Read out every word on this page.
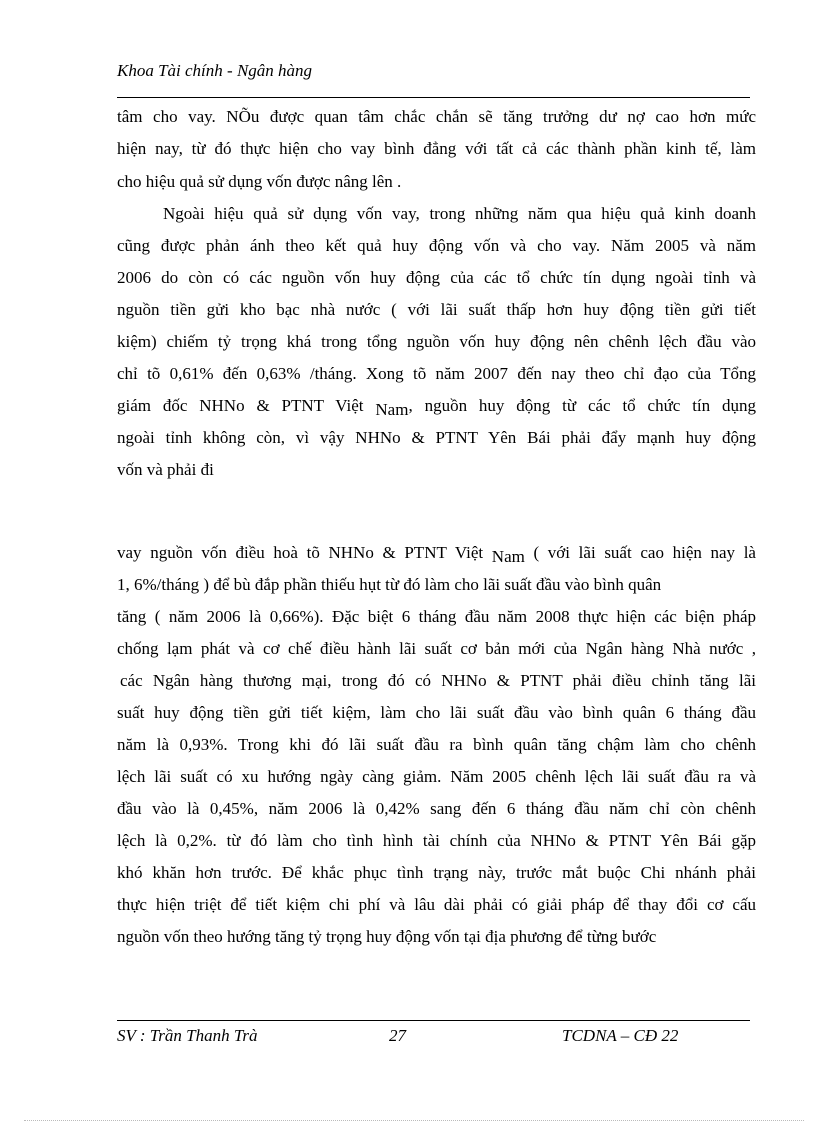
Khoa Tài chính - Ngân hàng
tâm cho vay. NÕu được quan tâm chắc chắn sẽ tăng trưởng dư nợ cao hơn mức
hiện nay, từ đó thực hiện cho vay bình đẳng với tất cả các thành phần kinh tế, làm
cho hiệu quả sử dụng vốn được nâng lên .
Ngoài hiệu quả sử dụng vốn vay, trong những năm qua hiệu quả kinh doanh
cũng được phản ánh theo kết quả huy động vốn và cho vay. Năm 2005 và năm
2006 do còn có các nguồn vốn huy động của các tổ chức tín dụng ngoài tỉnh và
nguồn tiền gửi kho bạc nhà nước ( với lãi suất thấp hơn huy động tiền gửi tiết
kiệm) chiếm tỷ trọng khá trong tổng nguồn vốn huy động nên chênh lệch đầu vào
chỉ tõ 0,61% đến 0,63% /tháng. Xong tõ năm 2007 đến nay theo chỉ đạo của Tổng
giám đốc NHNo & PTNT Việt Nam, nguồn huy động từ các tổ chức tín dụng
ngoài tỉnh không còn, vì vậy NHNo & PTNT Yên Bái phải đẩy mạnh huy động
vốn và phải đi
vay nguồn vốn điều hoà tõ NHNo & PTNT Việt Nam ( với lãi suất cao hiện nay là
1, 6%/tháng ) để bù đắp phần thiếu hụt từ đó làm cho lãi suất đầu vào bình quân
tăng ( năm 2006 là 0,66%). Đặc biệt 6 tháng đầu năm 2008 thực hiện các biện pháp
chống lạm phát và cơ chế điều hành lãi suất cơ bản mới của Ngân hàng Nhà nước ,
các Ngân hàng thương mại, trong đó có NHNo & PTNT phải điều chỉnh tăng lãi
suất huy động tiền gửi tiết kiệm, làm cho lãi suất đầu vào bình quân 6 tháng đầu
năm là 0,93%. Trong khi đó lãi suất đầu ra bình quân tăng chậm làm cho chênh
lệch lãi suất có xu hướng ngày càng giảm. Năm 2005 chênh lệch lãi suất đầu ra và
đầu vào là 0,45%, năm 2006 là 0,42% sang đến 6 tháng đầu năm chỉ còn chênh
lệch là 0,2%. từ đó làm cho tình hình tài chính của NHNo & PTNT Yên Bái gặp
khó khăn hơn trước. Để khắc phục tình trạng này, trước mắt buộc Chi nhánh phải
thực hiện triệt để tiết kiệm chi phí và lâu dài phải có giải pháp để thay đổi cơ cấu
nguồn vốn theo hướng tăng tỷ trọng huy động vốn tại địa phương để từng bước
SV : Trần Thanh Trà	27	TCDNA – CĐ 22
